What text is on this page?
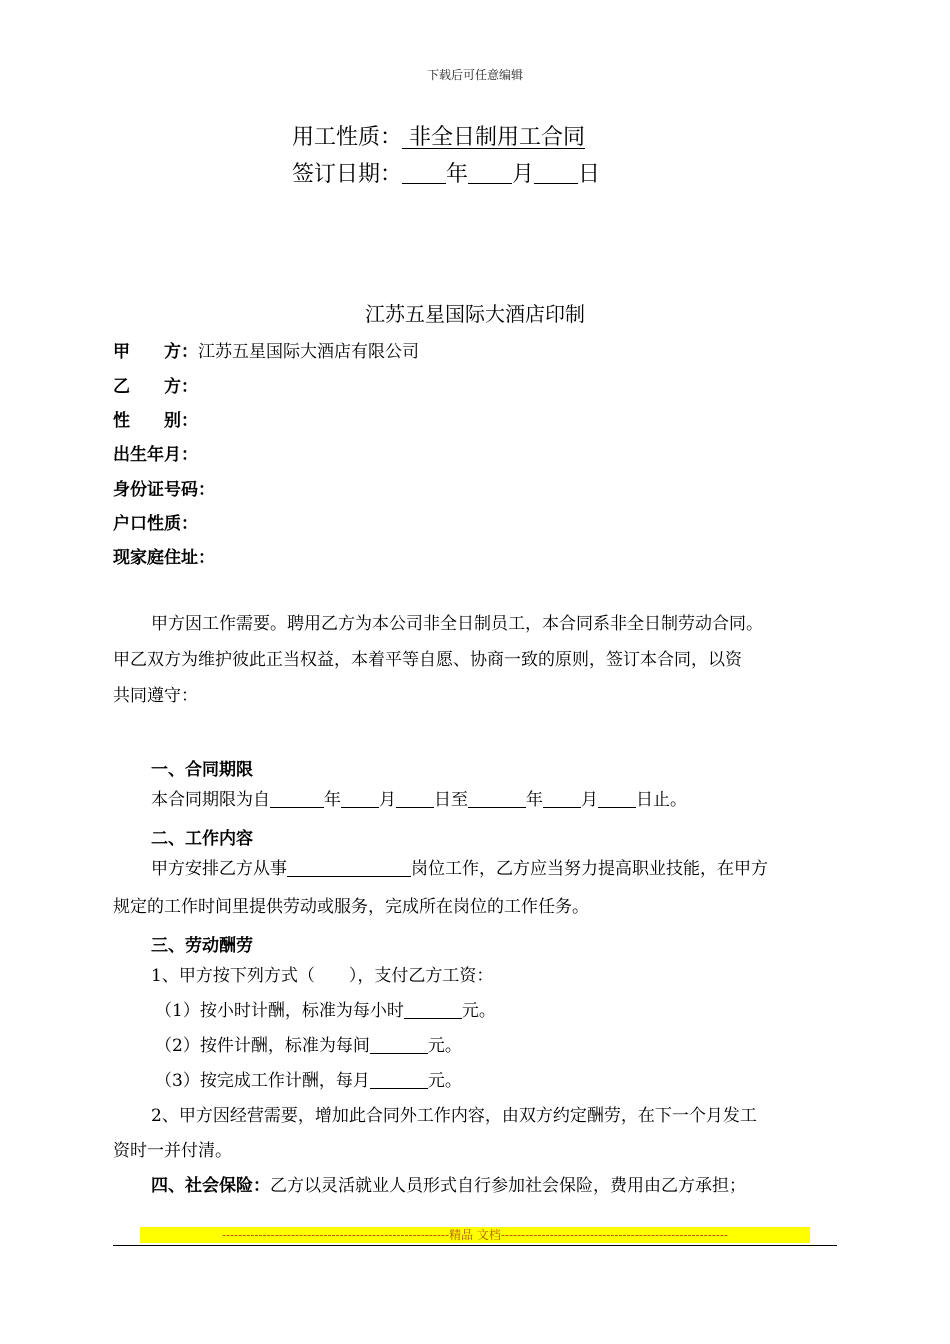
下载后可任意编辑
用工性质： 非全日制用工合同
签订日期： 年 月 日
江苏五星国际大酒店印制
甲　　方：江苏五星国际大酒店有限公司
乙　　方：
性　　别：
出生年月：
身份证号码：
户口性质：
现家庭住址：
甲方因工作需要。聘用乙方为本公司非全日制员工，本合同系非全日制劳动合同。
甲乙双方为维护彼此正当权益，本着平等自愿、协商一致的原则，签订本合同，以资
共同遵守：
一、合同期限
本合同期限为自	年 月 日至	年 月 日止。
二、工作内容
甲方安排乙方从事	岗位工作，乙方应当努力提高职业技能，在甲方
规定的工作时间里提供劳动或服务，完成所在岗位的工作任务。
三、劳动酬劳
1、甲方按下列方式（　　），支付乙方工资：
（1）按小时计酬，标准为每小时	元。
（2）按件计酬，标准为每间	元。
（3）按完成工作计酬，每月	元。
2、甲方因经营需要，增加此合同外工作内容，由双方约定酬劳，在下一个月发工
资时一并付清。
四、社会保险：乙方以灵活就业人员形式自行参加社会保险，费用由乙方承担；
--------------------------------------------------------精品 文档--------------------------------------------------------
